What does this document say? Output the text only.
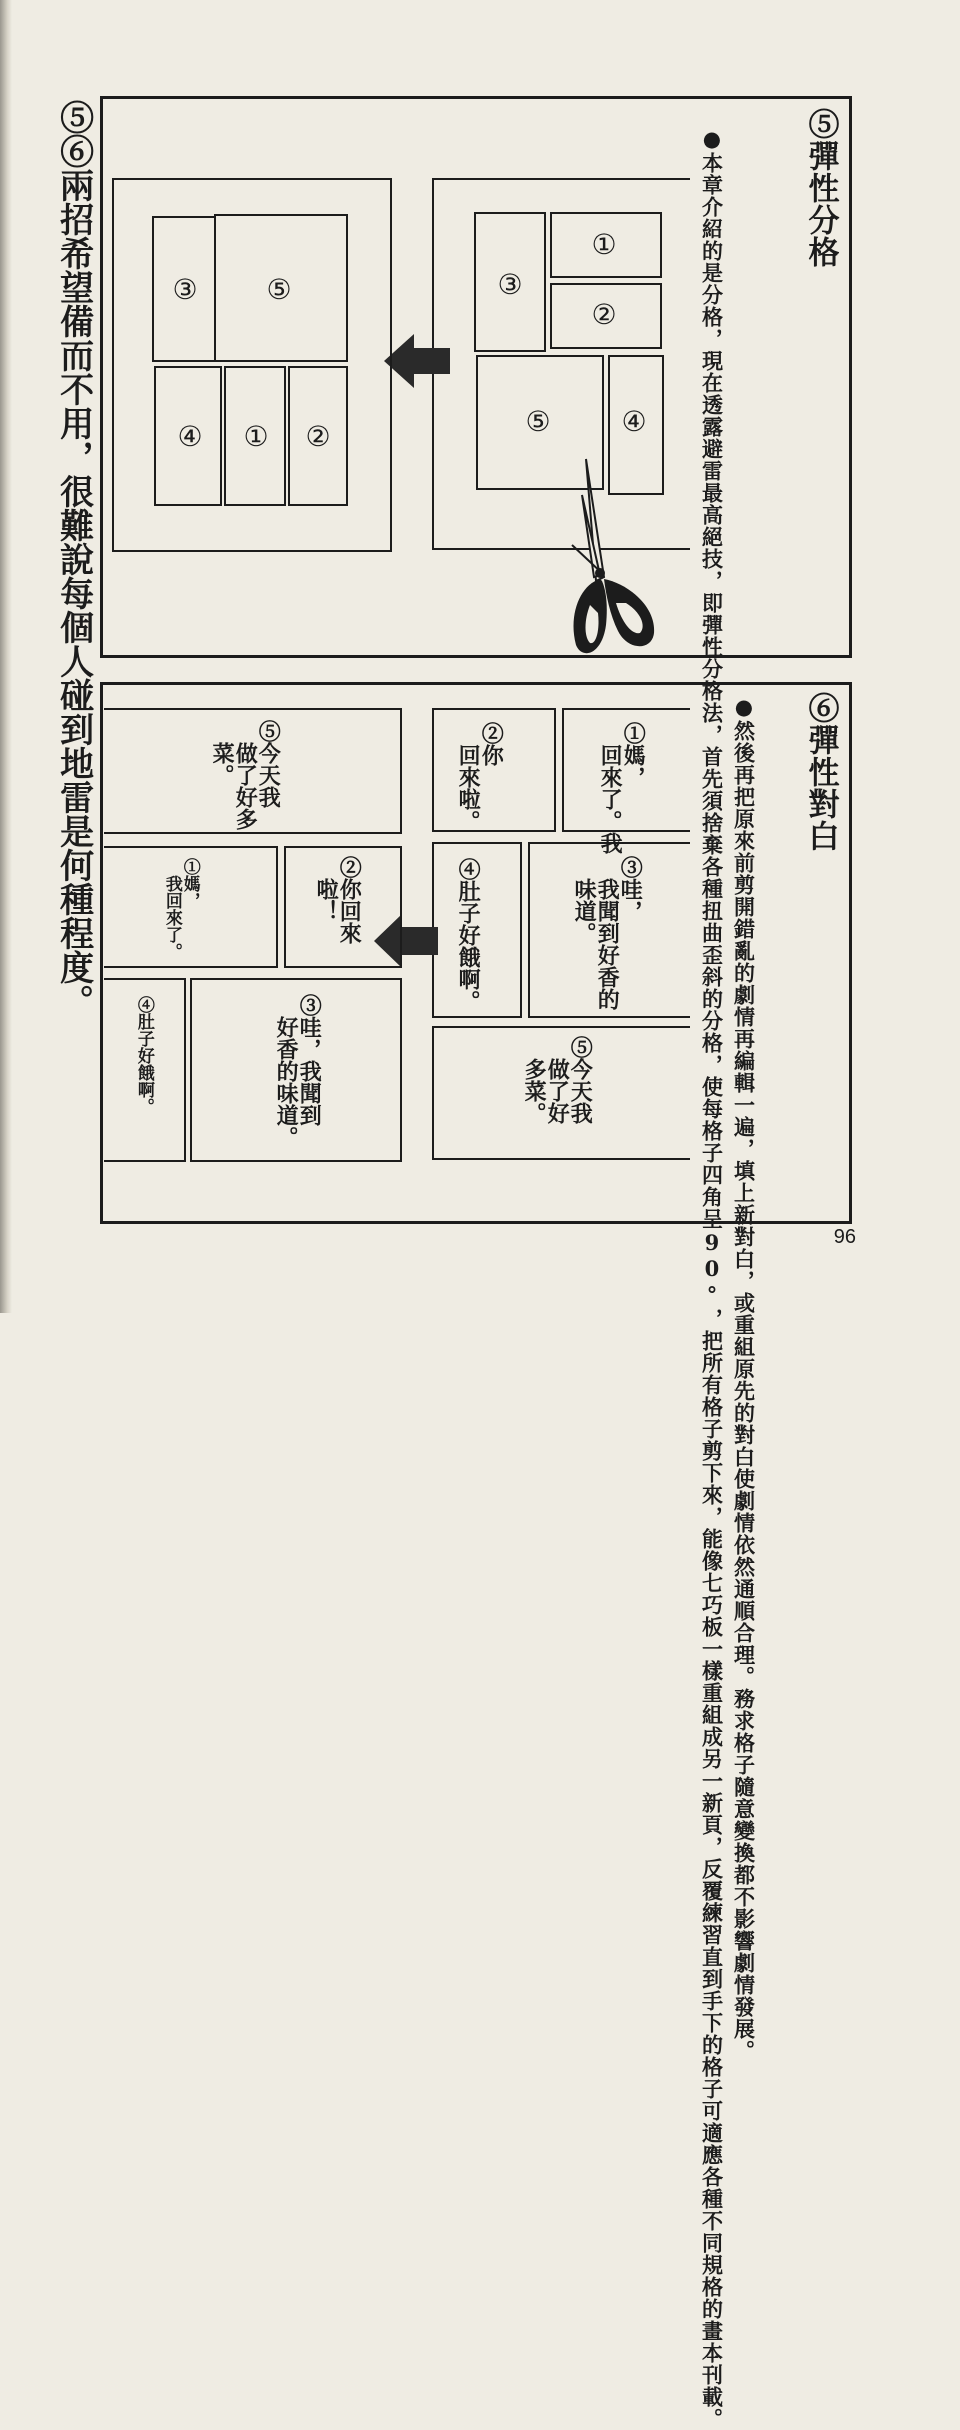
⑤⑥兩招希望備而不用，很難說每個人碰到地雷是何種程度。	⑤彈性分格
●本章介紹的是分格，現在透露避雷最高絕技，即彈性分格法，首先須捨棄各種扭曲歪斜的分格，使每格子四角呈90°，把所有格子剪下來，能像七巧板一樣重組成另一新頁，反覆練習直到手下的格子可適應各種不同規格的畫本刊載。
①
②
③
⑤	④
③ ⑤
④ ① ②
⑥彈性對白
●然後再把原來前剪開錯亂的劇情再編輯一遍，填上新對白，或重組原先的對白使劇情依然通順合理。務求格子隨意變換都不影響劇情發展。
①媽，
　回來了。我
②你
　回來啦。
③哇，
　我聞到好香的
　味道。
④肚子好餓啊。
⑤今天我
　做了好
　多菜。
⑤今天我
　做了好多
　菜。
①媽，
　我回來了。	②你回來
　啦！
④肚子好餓啊。	③哇，我聞到
　好香的味道。
96
